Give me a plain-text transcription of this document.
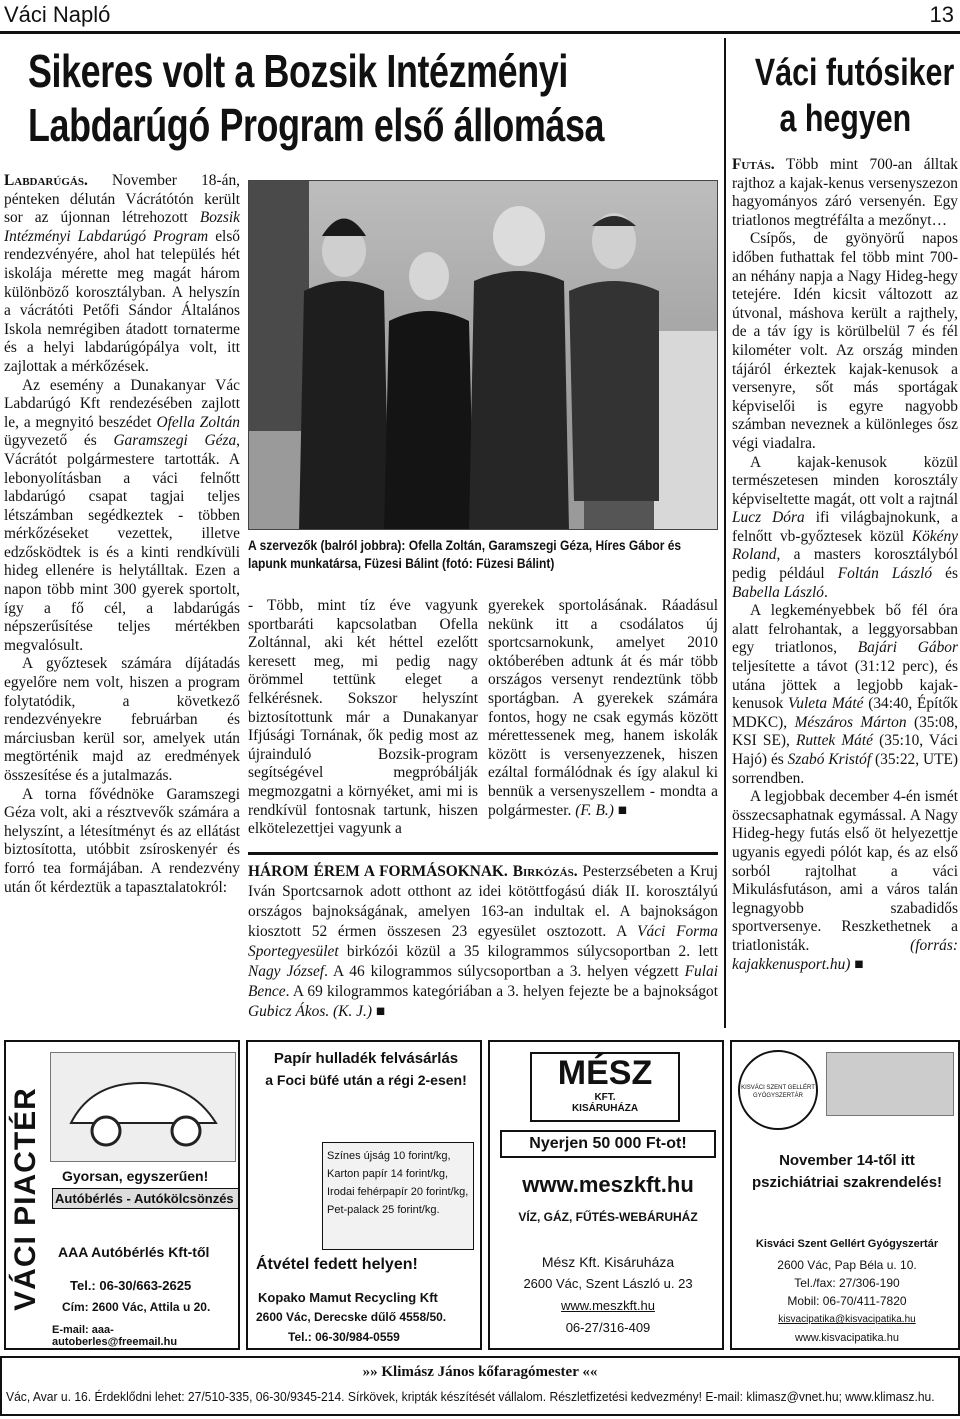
Váci Napló	13
Sikeres volt a Bozsik Intézményi
Labdarúgó Program első állomása

Labdarúgás. November 18-án, pénteken délután Vácrátótón került sor az újonnan létrehozott Bozsik Intézményi Labdarúgó Program első rendezvényére, ahol hat település hét iskolája mérette meg magát három különböző korosztályban. A helyszín a vácrátóti Petőfi Sándor Általános Iskola nemrégiben átadott tornaterme és a helyi labdarúgópálya volt, itt zajlottak a mérkőzések.

Az esemény a Dunakanyar Vác Labdarúgó Kft rendezésében zajlott le, a megnyitó beszédet Ofella Zoltán ügyvezető és Garamszegi Géza, Vácrátót polgármestere tartották. A lebonyolításban a váci felnőtt labdarúgó csapat tagjai teljes létszámban segédkeztek - többen mérkőzéseket vezettek, illetve edzősködtek is és a kinti rendkívüli hideg ellenére is helytálltak. Ezen a napon több mint 300 gyerek sportolt, így a fő cél, a labdarúgás népszerűsítése teljes mértékben megvalósult.

A győztesek számára díjátadás egyelőre nem volt, hiszen a program folytatódik, a következő rendezvényekre februárban és márciusban kerül sor, amelyek után megtörténik majd az eredmények összesítése és a jutalmazás.

A torna fővédnöke Garamszegi Géza volt, aki a résztvevők számára a helyszínt, a létesítményt és az ellátást biztosította, utóbbit zsíroskenyér és forró tea formájában. A rendezvény után őt kérdeztük a tapasztalatokról:

A szervezők (balról jobbra): Ofella Zoltán, Garamszegi Géza, Híres Gábor és lapunk munkatársa, Füzesi Bálint (fotó: Füzesi Bálint)

- Több, mint tíz éve vagyunk sportbaráti kapcsolatban Ofella Zoltánnal, aki két héttel ezelőtt keresett meg, mi pedig nagy örömmel tettünk eleget a felkérésnek. Sokszor helyszínt biztosítottunk már a Dunakanyar Ifjúsági Tornának, ők pedig most az újrainduló Bozsik-program segítségével megpróbálják megmozgatni a környéket, ami mi is rendkívül fontosnak tartunk, hiszen elkötelezettjei vagyunk a

gyerekek sportolásának. Ráadásul nekünk itt a csodálatos új sportcsarnokunk, amelyet 2010 októberében adtunk át és már több országos versenyt rendeztünk több sportágban. A gyerekek számára fontos, hogy ne csak egymás között mérettessenek meg, hanem iskolák között is versenyezzenek, hiszen ezáltal formálódnak és így alakul ki bennük a versenyszellem - mondta a polgármester. (F. B.) ■

HÁROM ÉREM A FORMÁSOKNAK. Birkózás. Pesterzsébeten a Kruj Iván Sportcsarnok adott otthont az idei kötöttfogású diák II. korosztályú országos bajnokságának, amelyen 163-an indultak el. A bajnokságon kiosztott 52 érmen összesen 23 egyesület osztozott. A Váci Forma Sportegyesület birkózói közül a 35 kilogrammos súlycsoportban 2. lett Nagy József. A 46 kilogrammos súlycsoportban a 3. helyen végzett Fulai Bence. A 69 kilogrammos kategóriában a 3. helyen fejezte be a bajnokságot Gubicz Ákos. (K. J.) ■

Váci futósiker
a hegyen

Futás. Több mint 700-an álltak rajthoz a kajak-kenus versenyszezon hagyományos záró versenyén. Egy triatlonos megtréfálta a mezőnyt…

Csípős, de gyönyörű napos időben futhattak fel több mint 700-an néhány napja a Nagy Hideg-hegy tetejére. Idén kicsit változott az útvonal, máshova került a rajthely, de a táv így is körülbelül 7 és fél kilométer volt. Az ország minden tájáról érkeztek kajak-kenusok a versenyre, sőt más sportágak képviselői is egyre nagyobb számban neveznek a különleges ősz végi viadalra.

A kajak-kenusok közül természetesen minden korosztály képviseltette magát, ott volt a rajtnál Lucz Dóra ifi világbajnokunk, a felnőtt vb-győztesek közül Kökény Roland, a masters korosztályból pedig például Foltán László és Babella László.

A legkeményebbek bő fél óra alatt felrohantak, a leggyorsabban egy triatlonos, Bajári Gábor teljesítette a távot (31:12 perc), és utána jöttek a legjobb kajak-kenusok Vuleta Máté (34:40, Építők MDKC), Mészáros Márton (35:08, KSI SE), Ruttek Máté (35:10, Váci Hajó) és Szabó Kristóf (35:22, UTE) sorrendben.

A legjobbak december 4-én ismét összecsaphatnak egymással. A Nagy Hideg-hegy futás első öt helyezettje ugyanis egyedi pólót kap, és az első sorból rajtolhat a váci Mikulásfutáson, ami a város talán legnagyobb szabadidős sportversenye. Reszkethetnek a triatlonisták. (forrás: kajakkenusport.hu) ■

VÁCI PIACTÉR Gyorsan, egyszerűen!
Autóbérlés - Autókölcsönzés
AAA Autóbérlés Kft-től
Tel.: 06-30/663-2625
Cím: 2600 Vác, Attila u 20.
E-mail: aaa-autoberles@freemail.hu
Papír hulladék felvásárlás
a Foci büfé után a régi 2-esen!
Színes újság 10 forint/kg,
Karton papír 14 forint/kg,
Irodai fehérpapír 20 forint/kg,
Pet-palack 25 forint/kg.
Átvétel fedett helyen!
Kopako Mamut Recycling Kft
2600 Vác, Derecske dűlő 4558/50.
Tel.: 06-30/984-0559
MÉSZ
KFT.
KISÁRUHÁZA
Nyerjen 50 000 Ft-ot!
www.meszkft.hu
VÍZ, GÁZ, FŰTÉS-WEBÁRUHÁZ
Mész Kft. Kisáruháza
2600 Vác, Szent László u. 23
www.meszkft.hu
06-27/316-409
KISVÁCI SZENT GELLÉRT GYÓGYSZERTÁR
November 14-től itt pszichiátriai szakrendelés!
Kisváci Szent Gellért Gyógyszertár
2600 Vác, Pap Béla u. 10.
Tel./fax: 27/306-190
Mobil: 06-70/411-7820
kisvacipatika@kisvacipatika.hu
www.kisvacipatika.hu
»» Klimász János kőfaragómester ««
Vác, Avar u. 16. Érdeklődni lehet: 27/510-335, 06-30/9345-214. Sírkövek, kripták készítését vállalom. Részletfizetési kedvezmény! E-mail: klimasz@vnet.hu; www.klimasz.hu.
